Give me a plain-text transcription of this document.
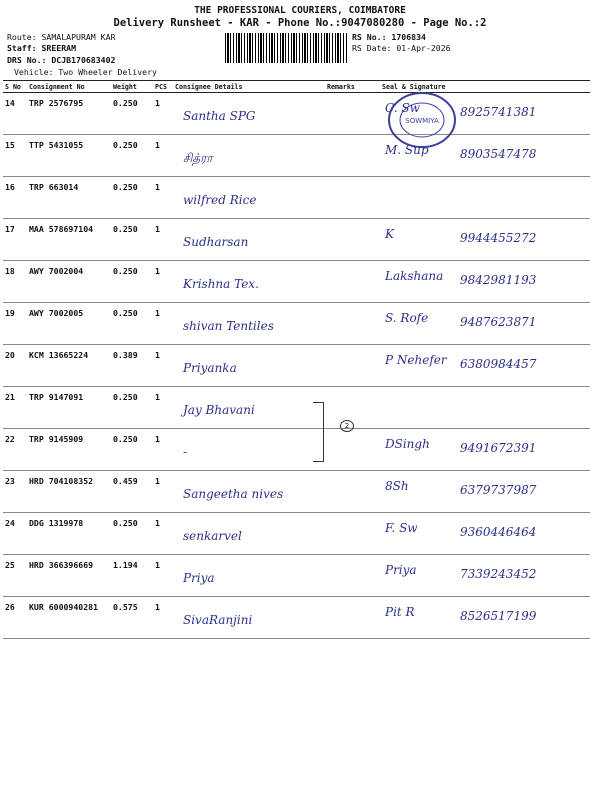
THE PROFESSIONAL COURIERS, COIMBATORE
Delivery Runsheet - KAR - Phone No.:9047080280 - Page No.:2
Route: SAMALAPURAM KAR
Staff: SREERAM
DRS No.: DCJB170683402
Vehicle: Two Wheeler Delivery
RS No.: 1706834
RS Date: 01-Apr-2026
S No	Consignment No	Weight	PCS	Consignee Details	Remarks	Seal & Signature
14	TRP 2576795	0.250	1	Santha SPG		C. Sw 8925741381

15	TTP 5431055	0.250	1	சித்ரா		M. Sup 8903547478

16	TRP 663014	0.250	1	wilfred Rice		

17	MAA 578697104	0.250	1	Sudharsan		K 9944455272

18	AWY 7002004	0.250	1	Krishna Tex.		Lakshana 9842981193

19	AWY 7002005	0.250	1	shivan Tentiles		S. Rofe 9487623871

20	KCM 13665224	0.389	1	Priyanka		P Nehefer 6380984457

21	TRP 9147091	0.250	1	Jay Bhavani		

22	TRP 9145909	0.250	1	-		DSingh 9491672391

23	HRD 704108352	0.459	1	Sangeetha nives		8Sh 6379737987

24	DDG 1319978	0.250	1	senkarvel		F. Sw 9360446464

25	HRD 366396669	1.194	1	Priya		Priya 7339243452

26	KUR 6000940281	0.575	1	SivaRanjini		Pit R 8526517199
SOWMIYA
2
